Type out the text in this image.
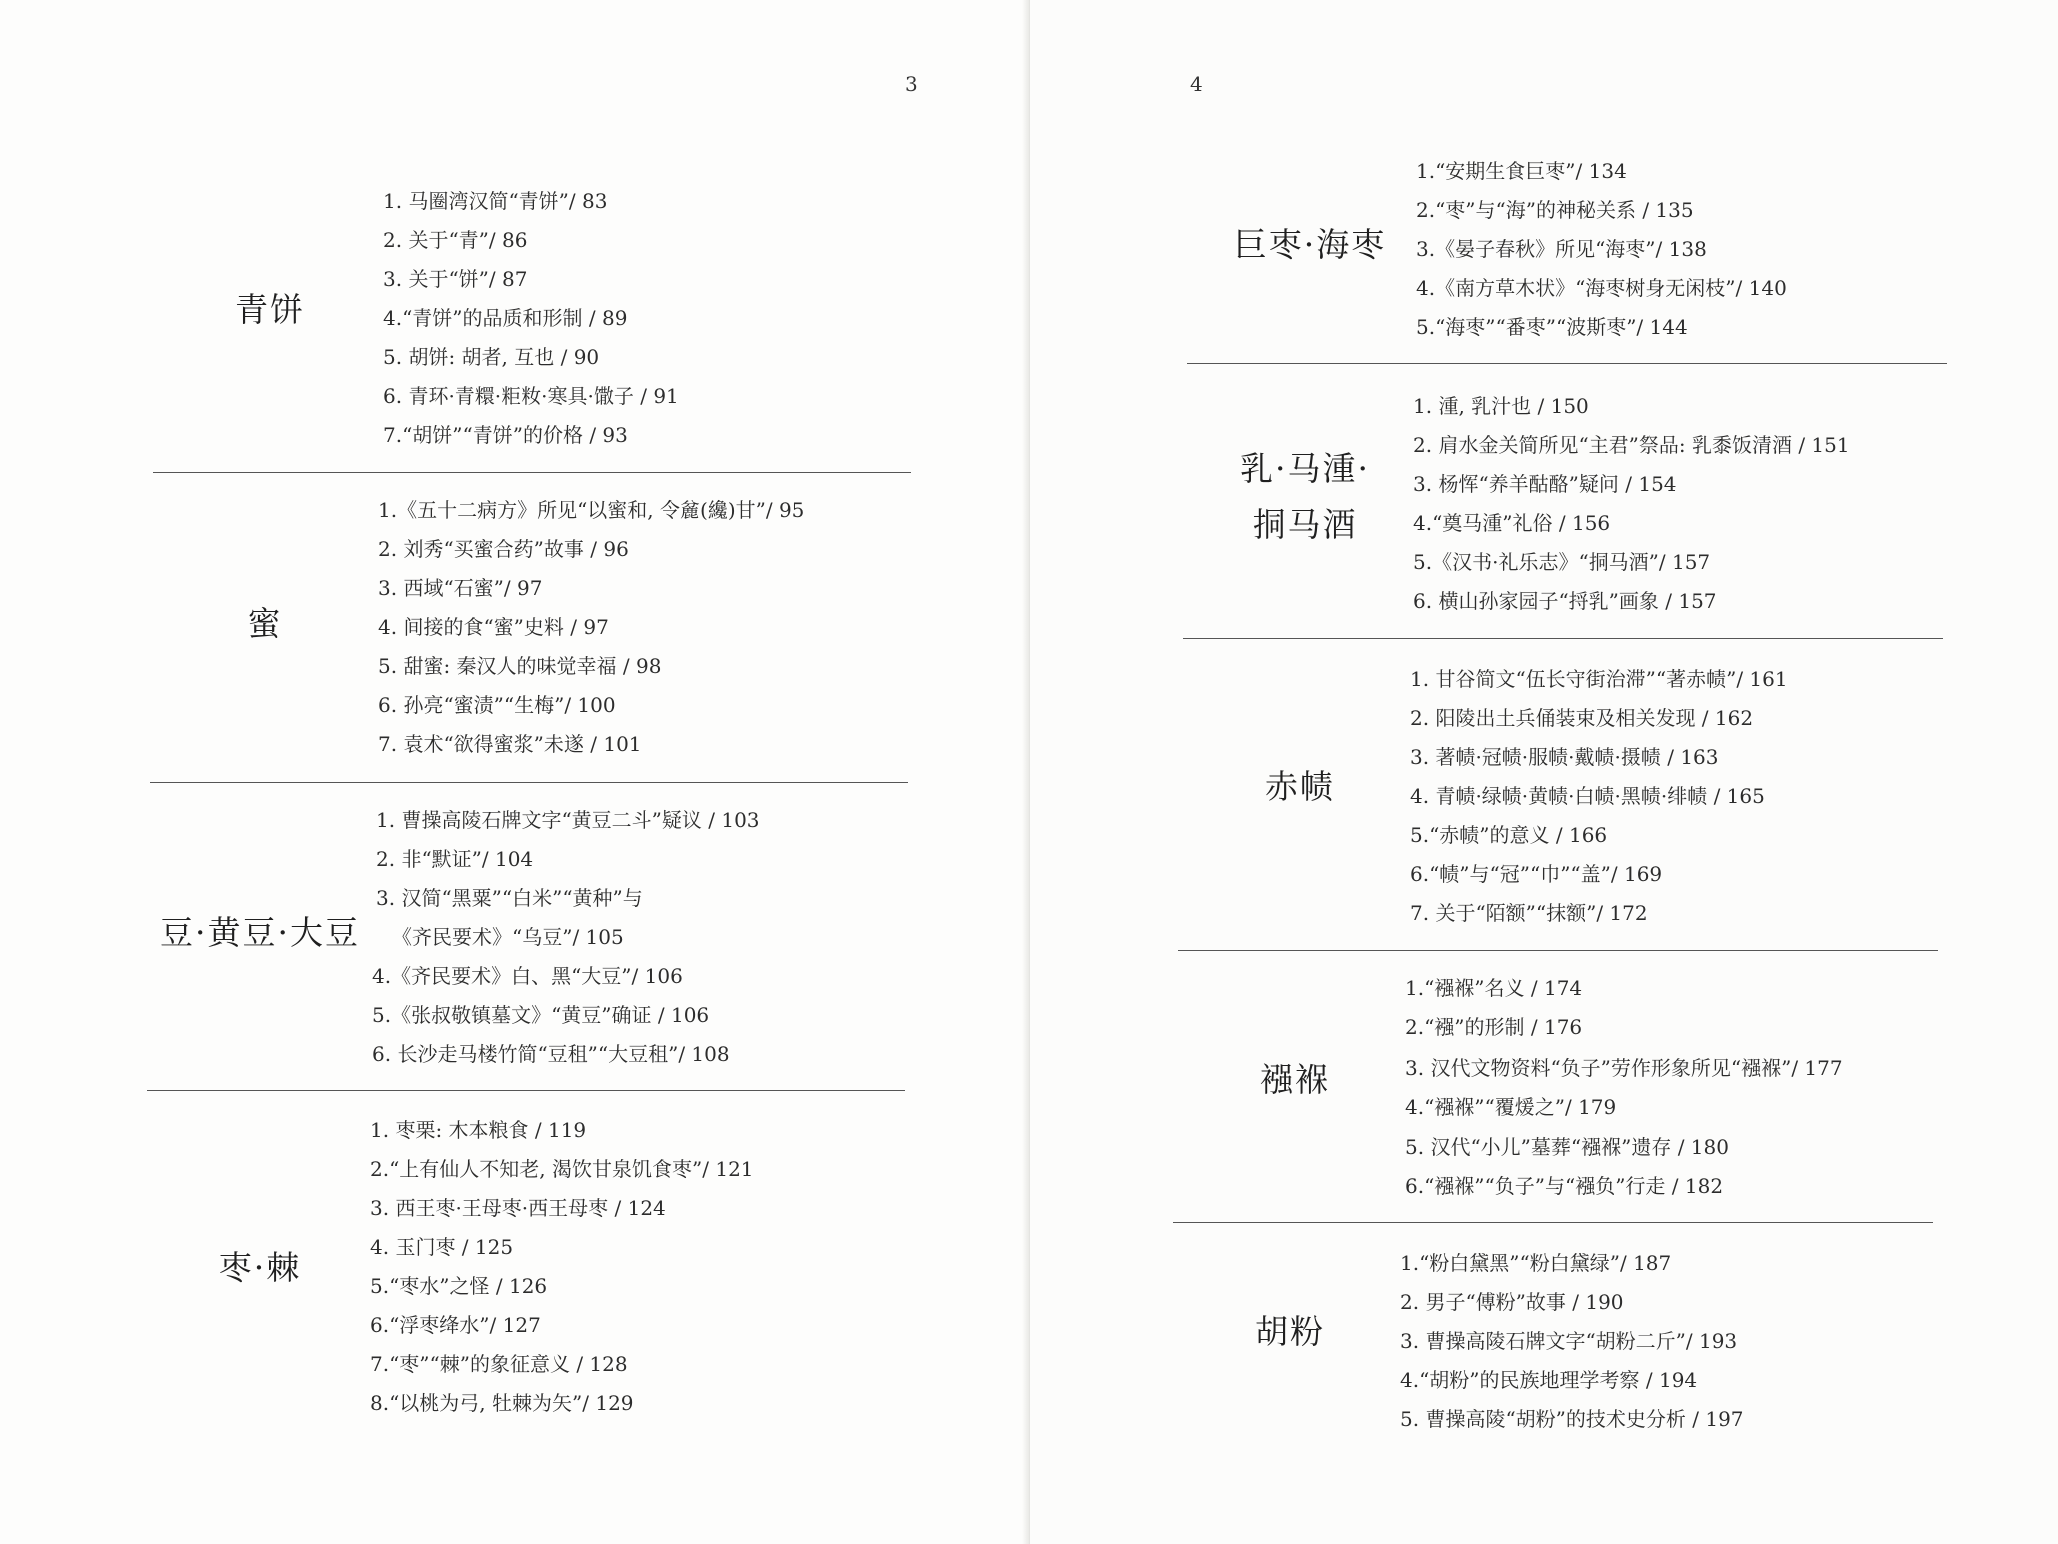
3
青饼
1. 马圈湾汉简“青饼”/ 83
2. 关于“青”/ 86
3. 关于“饼”/ 87
4.“青饼”的品质和形制 / 89
5. 胡饼: 胡者, 互也 / 90
6. 青环·青糫·粔籹·寒具·馓子 / 91
7.“胡饼”“青饼”的价格 / 93
蜜
1.《五十二病方》所见“以蜜和, 令麄(纔)甘”/ 95
2. 刘秀“买蜜合药”故事 / 96
3. 西域“石蜜”/ 97
4. 间接的食“蜜”史料 / 97
5. 甜蜜: 秦汉人的味觉幸福 / 98
6. 孙亮“蜜渍”“生梅”/ 100
7. 袁术“欲得蜜浆”未遂 / 101
豆·黄豆·大豆
1. 曹操高陵石牌文字“黄豆二斗”疑议 / 103
2. 非“默证”/ 104
3. 汉简“黑粟”“白米”“黄种”与
《齐民要术》“乌豆”/ 105
4.《齐民要术》白、黑“大豆”/ 106
5.《张叔敬镇墓文》“黄豆”确证 / 106
6. 长沙走马楼竹简“豆租”“大豆租”/ 108
枣·棘
1. 枣栗: 木本粮食 / 119
2.“上有仙人不知老, 渴饮甘泉饥食枣”/ 121
3. 西王枣·王母枣·西王母枣 / 124
4. 玉门枣 / 125
5.“枣水”之怪 / 126
6.“浮枣绛水”/ 127
7.“枣”“棘”的象征意义 / 128
8.“以桃为弓, 牡棘为矢”/ 129
4
巨枣·海枣
1.“安期生食巨枣”/ 134
2.“枣”与“海”的神秘关系 / 135
3.《晏子春秋》所见“海枣”/ 138
4.《南方草木状》“海枣树身无闲枝”/ 140
5.“海枣”“番枣”“波斯枣”/ 144
乳·马湩·
挏马酒
1. 湩, 乳汁也 / 150
2. 肩水金关简所见“主君”祭品: 乳黍饭清酒 / 151
3. 杨恽“养羊酤酪”疑问 / 154
4.“奠马湩”礼俗 / 156
5.《汉书·礼乐志》“挏马酒”/ 157
6. 横山孙家园子“捋乳”画象 / 157
赤帻
1. 甘谷简文“伍长守街治滞”“著赤帻”/ 161
2. 阳陵出土兵俑装束及相关发现 / 162
3. 著帻·冠帻·服帻·戴帻·摄帻 / 163
4. 青帻·绿帻·黄帻·白帻·黑帻·绯帻 / 165
5.“赤帻”的意义 / 166
6.“帻”与“冠”“巾”“盖”/ 169
7. 关于“陌额”“抹额”/ 172
襁褓
1.“襁褓”名义 / 174
2.“襁”的形制 / 176
3. 汉代文物资料“负子”劳作形象所见“襁褓”/ 177
4.“襁褓”“覆煖之”/ 179
5. 汉代“小儿”墓葬“襁褓”遗存 / 180
6.“襁褓”“负子”与“襁负”行走 / 182
胡粉
1.“粉白黛黑”“粉白黛绿”/ 187
2. 男子“傅粉”故事 / 190
3. 曹操高陵石牌文字“胡粉二斤”/ 193
4.“胡粉”的民族地理学考察 / 194
5. 曹操高陵“胡粉”的技术史分析 / 197
